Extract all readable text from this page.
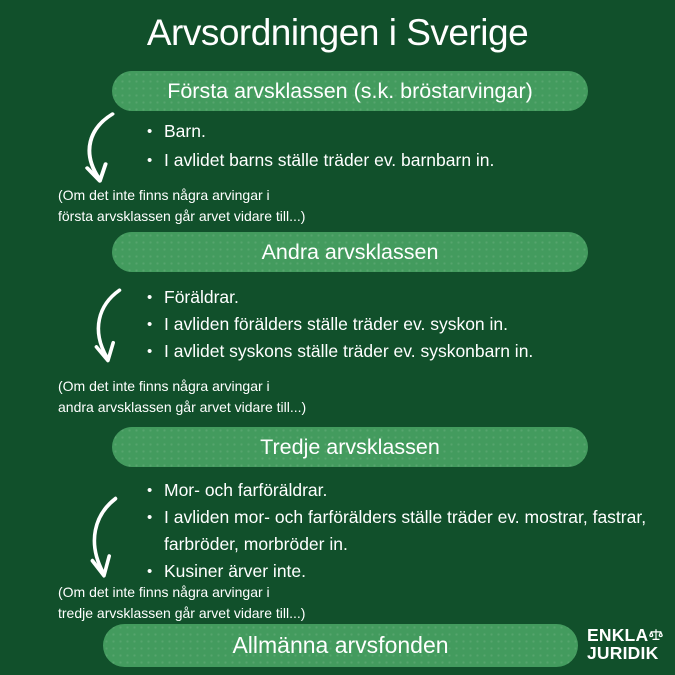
Arvsordningen i Sverige
Första arvsklassen (s.k. bröstarvingar)
• Barn.
• I avlidet barns ställe träder ev. barnbarn in.
(Om det inte finns några arvingar i
första arvsklassen går arvet vidare till...)
Andra arvsklassen
• Föräldrar.
• I avliden förälders ställe träder ev. syskon in.
• I avlidet syskons ställe träder ev. syskonbarn in.
(Om det inte finns några arvingar i
andra arvsklassen går arvet vidare till...)
Tredje arvsklassen
• Mor- och farföräldrar.
• I avliden mor- och farförälders ställe träder ev. mostrar, fastrar, farbröder, morbröder in.
• Kusiner ärver inte.
(Om det inte finns några arvingar i
tredje arvsklassen går arvet vidare till...)
Allmänna arvsfonden	ENKLA
JURIDIK
